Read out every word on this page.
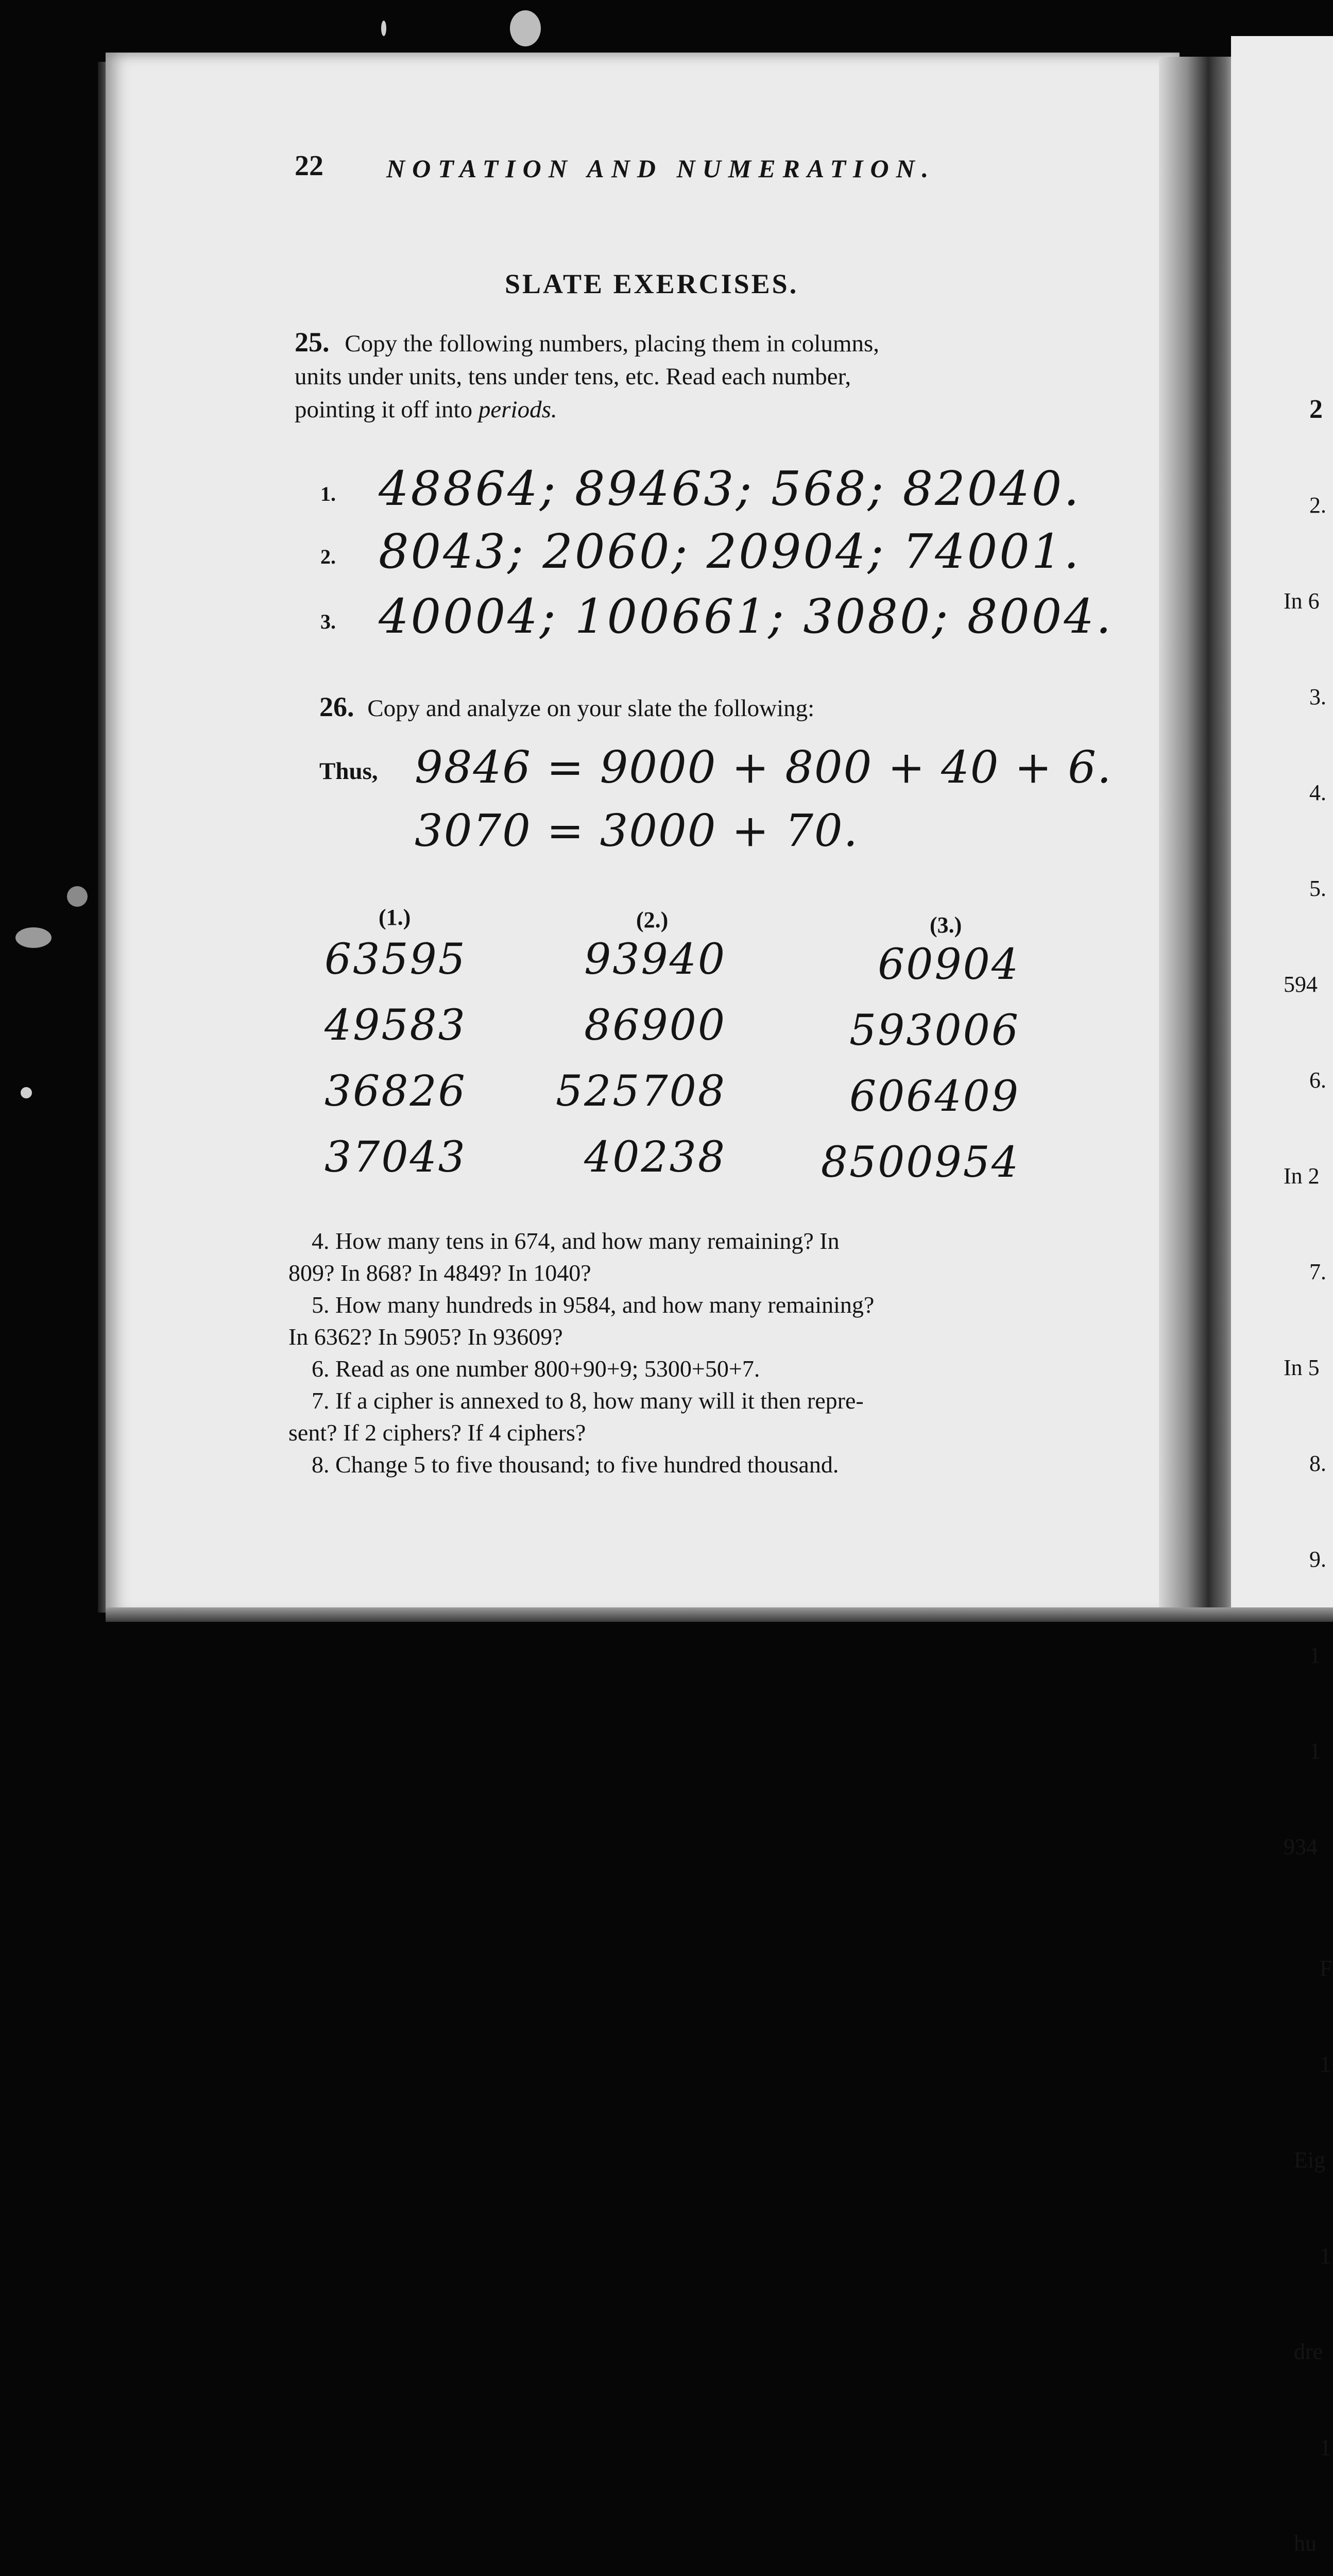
22 NOTATION AND NUMERATION.
SLATE EXERCISES.
25. Copy the following numbers, placing them in columns,
units under units, tens under tens, etc. Read each number,
pointing it off into periods.
1. 48864; 89463; 568; 82040.
2. 8043; 2060; 20904; 74001.
3. 40004; 100661; 3080; 8004.
26. Copy and analyze on your slate the following:
Thus, 9846 = 9000 + 800 + 40 + 6.
3070 = 3000 + 70.
(1.)	(2.)	(3.)
63595
49583
36826
37043
93940
86900
525708
40238
60904
593006
606409
8500954
4. How many tens in 674, and how many remaining? In
809? In 868? In 4849? In 1040?
5. How many hundreds in 9584, and how many remaining?
In 6362? In 5905? In 93609?
6. Read as one number 800+90+9; 5300+50+7.
7. If a cipher is annexed to 8, how many will it then repre-
sent? If 2 ciphers? If 4 ciphers?
8. Change 5 to five thousand; to five hundred thousand.

2

2.

In 6

3.

4.

5.

594

6.

In 2

7.

In 5

8.

9.

1

1

934

F

1

Eig

1

dre

1

hu
